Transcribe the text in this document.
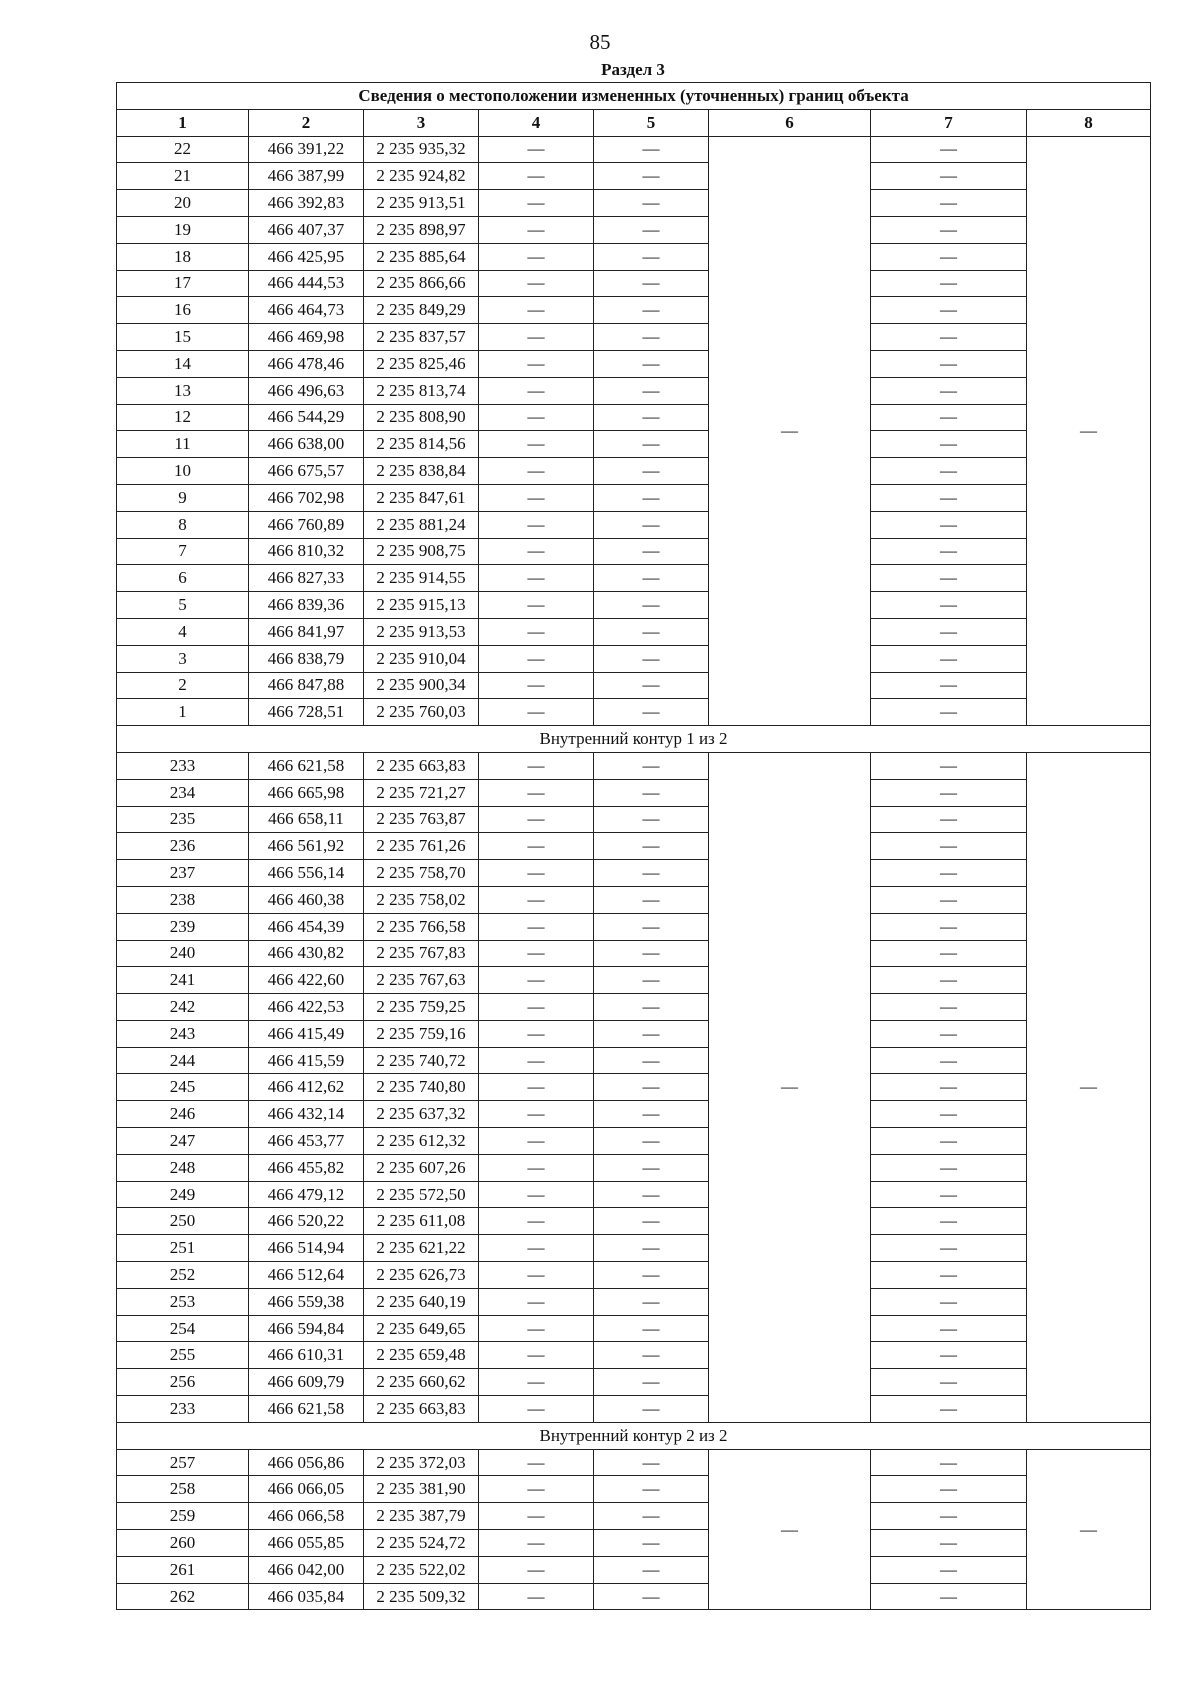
85
Раздел 3
Сведения о местоположении измененных (уточненных) границ объекта							
1	2	3	4	5	6	7	8
22	466 391,22	2 235 935,32	—	—	—	—	—
21	466 387,99	2 235 924,82	—	—		—	
20	466 392,83	2 235 913,51	—	—		—	
19	466 407,37	2 235 898,97	—	—		—	
18	466 425,95	2 235 885,64	—	—		—	
17	466 444,53	2 235 866,66	—	—		—	
16	466 464,73	2 235 849,29	—	—		—	
15	466 469,98	2 235 837,57	—	—		—	
14	466 478,46	2 235 825,46	—	—		—	
13	466 496,63	2 235 813,74	—	—		—	
12	466 544,29	2 235 808,90	—	—		—	
11	466 638,00	2 235 814,56	—	—		—	
10	466 675,57	2 235 838,84	—	—		—	
9	466 702,98	2 235 847,61	—	—		—	
8	466 760,89	2 235 881,24	—	—		—	
7	466 810,32	2 235 908,75	—	—		—	
6	466 827,33	2 235 914,55	—	—		—	
5	466 839,36	2 235 915,13	—	—		—	
4	466 841,97	2 235 913,53	—	—		—	
3	466 838,79	2 235 910,04	—	—		—	
2	466 847,88	2 235 900,34	—	—		—	
1	466 728,51	2 235 760,03	—	—		—	
Внутренний контур 1 из 2							
233	466 621,58	2 235 663,83	—	—	—	—	—
234	466 665,98	2 235 721,27	—	—		—	
235	466 658,11	2 235 763,87	—	—		—	
236	466 561,92	2 235 761,26	—	—		—	
237	466 556,14	2 235 758,70	—	—		—	
238	466 460,38	2 235 758,02	—	—		—	
239	466 454,39	2 235 766,58	—	—		—	
240	466 430,82	2 235 767,83	—	—		—	
241	466 422,60	2 235 767,63	—	—		—	
242	466 422,53	2 235 759,25	—	—		—	
243	466 415,49	2 235 759,16	—	—		—	
244	466 415,59	2 235 740,72	—	—		—	
245	466 412,62	2 235 740,80	—	—		—	
246	466 432,14	2 235 637,32	—	—		—	
247	466 453,77	2 235 612,32	—	—		—	
248	466 455,82	2 235 607,26	—	—		—	
249	466 479,12	2 235 572,50	—	—		—	
250	466 520,22	2 235 611,08	—	—		—	
251	466 514,94	2 235 621,22	—	—		—	
252	466 512,64	2 235 626,73	—	—		—	
253	466 559,38	2 235 640,19	—	—		—	
254	466 594,84	2 235 649,65	—	—		—	
255	466 610,31	2 235 659,48	—	—		—	
256	466 609,79	2 235 660,62	—	—		—	
233	466 621,58	2 235 663,83	—	—		—	
Внутренний контур 2 из 2							
257	466 056,86	2 235 372,03	—	—	—	—	—
258	466 066,05	2 235 381,90	—	—		—	
259	466 066,58	2 235 387,79	—	—		—	
260	466 055,85	2 235 524,72	—	—		—	
261	466 042,00	2 235 522,02	—	—		—	
262	466 035,84	2 235 509,32	—	—		—	
